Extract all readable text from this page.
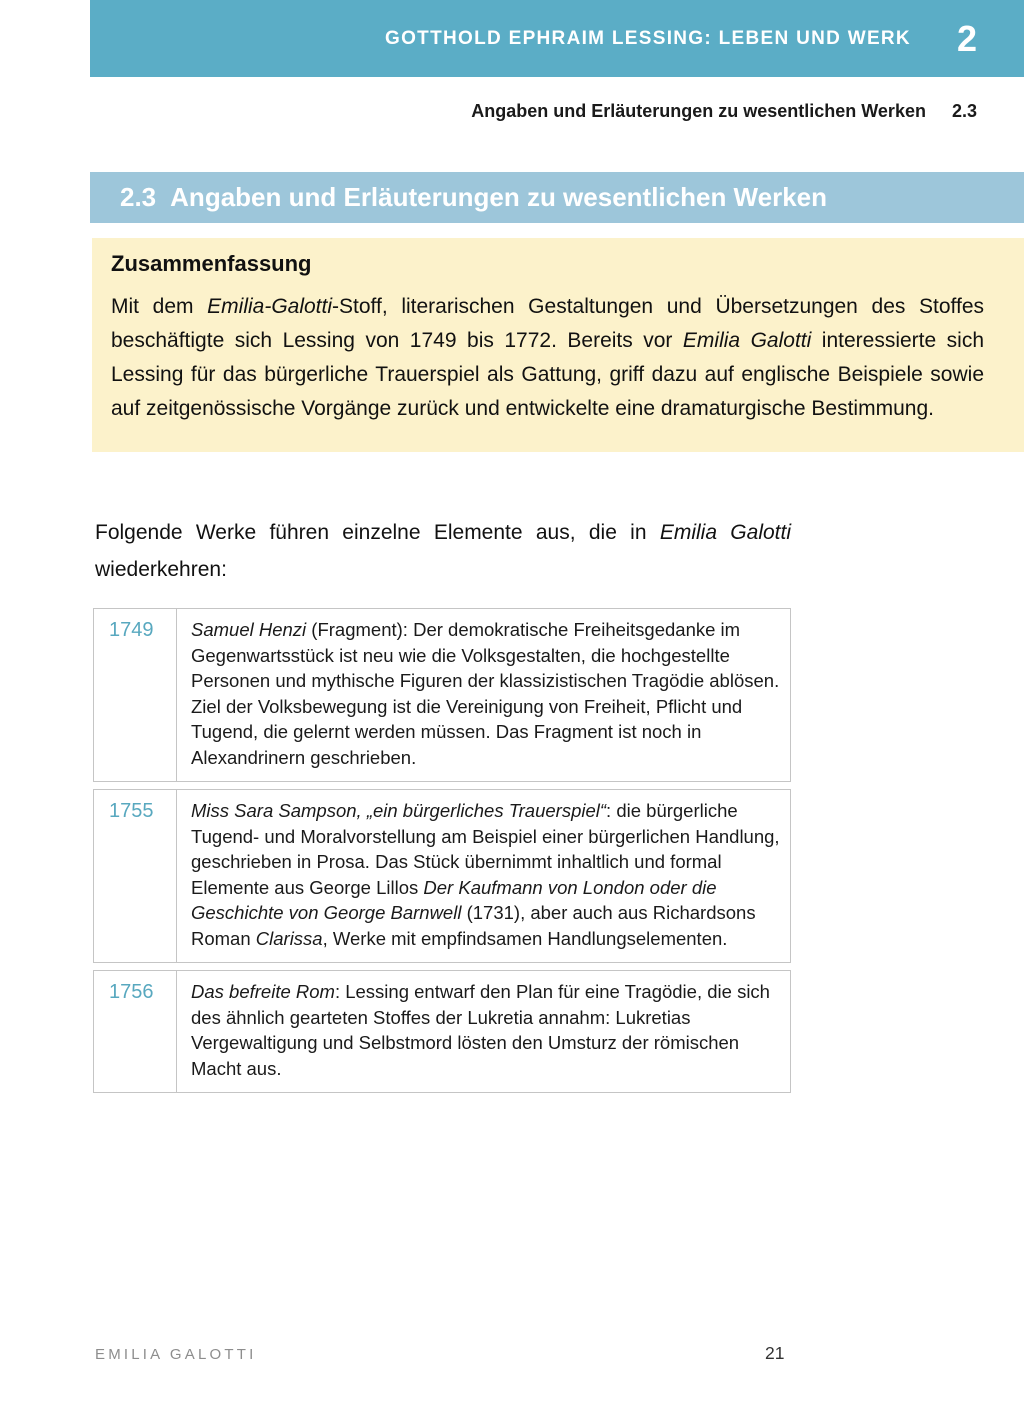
GOTTHOLD EPHRAIM LESSING: LEBEN UND WERK 2
Angaben und Erläuterungen zu wesentlichen Werken 2.3
2.3 Angaben und Erläuterungen zu wesentlichen Werken
Zusammenfassung

Mit dem Emilia-Galotti-Stoff, literarischen Gestaltungen und Übersetzungen des Stoffes beschäftigte sich Lessing von 1749 bis 1772. Bereits vor Emilia Galotti interessierte sich Lessing für das bürgerliche Trauerspiel als Gattung, griff dazu auf englische Beispiele sowie auf zeitgenössische Vorgänge zurück und entwickelte eine dramaturgische Bestimmung.

Folgende Werke führen einzelne Elemente aus, die in Emilia Galotti wiederkehren:

1749	Samuel Henzi (Fragment): Der demokratische Freiheitsgedanke im Gegenwartsstück ist neu wie die Volksgestalten, die hochgestellte Personen und mythische Figuren der klassizistischen Tragödie ablösen. Ziel der Volksbewegung ist die Vereinigung von Freiheit, Pflicht und Tugend, die gelernt werden müssen. Das Fragment ist noch in Alexandrinern geschrieben.
1755	Miss Sara Sampson, „ein bürgerliches Trauerspiel“: die bürgerliche Tugend- und Moralvorstellung am Beispiel einer bürgerlichen Handlung, geschrieben in Prosa. Das Stück übernimmt inhaltlich und formal Elemente aus George Lillos Der Kaufmann von London oder die Geschichte von George Barnwell (1731), aber auch aus Richardsons Roman Clarissa, Werke mit empfindsamen Handlungselementen.
1756	Das befreite Rom: Lessing entwarf den Plan für eine Tragödie, die sich des ähnlich gearteten Stoffes der Lukretia annahm: Lukretias Vergewaltigung und Selbstmord lösten den Umsturz der römischen Macht aus.
EMILIA GALOTTI	21
